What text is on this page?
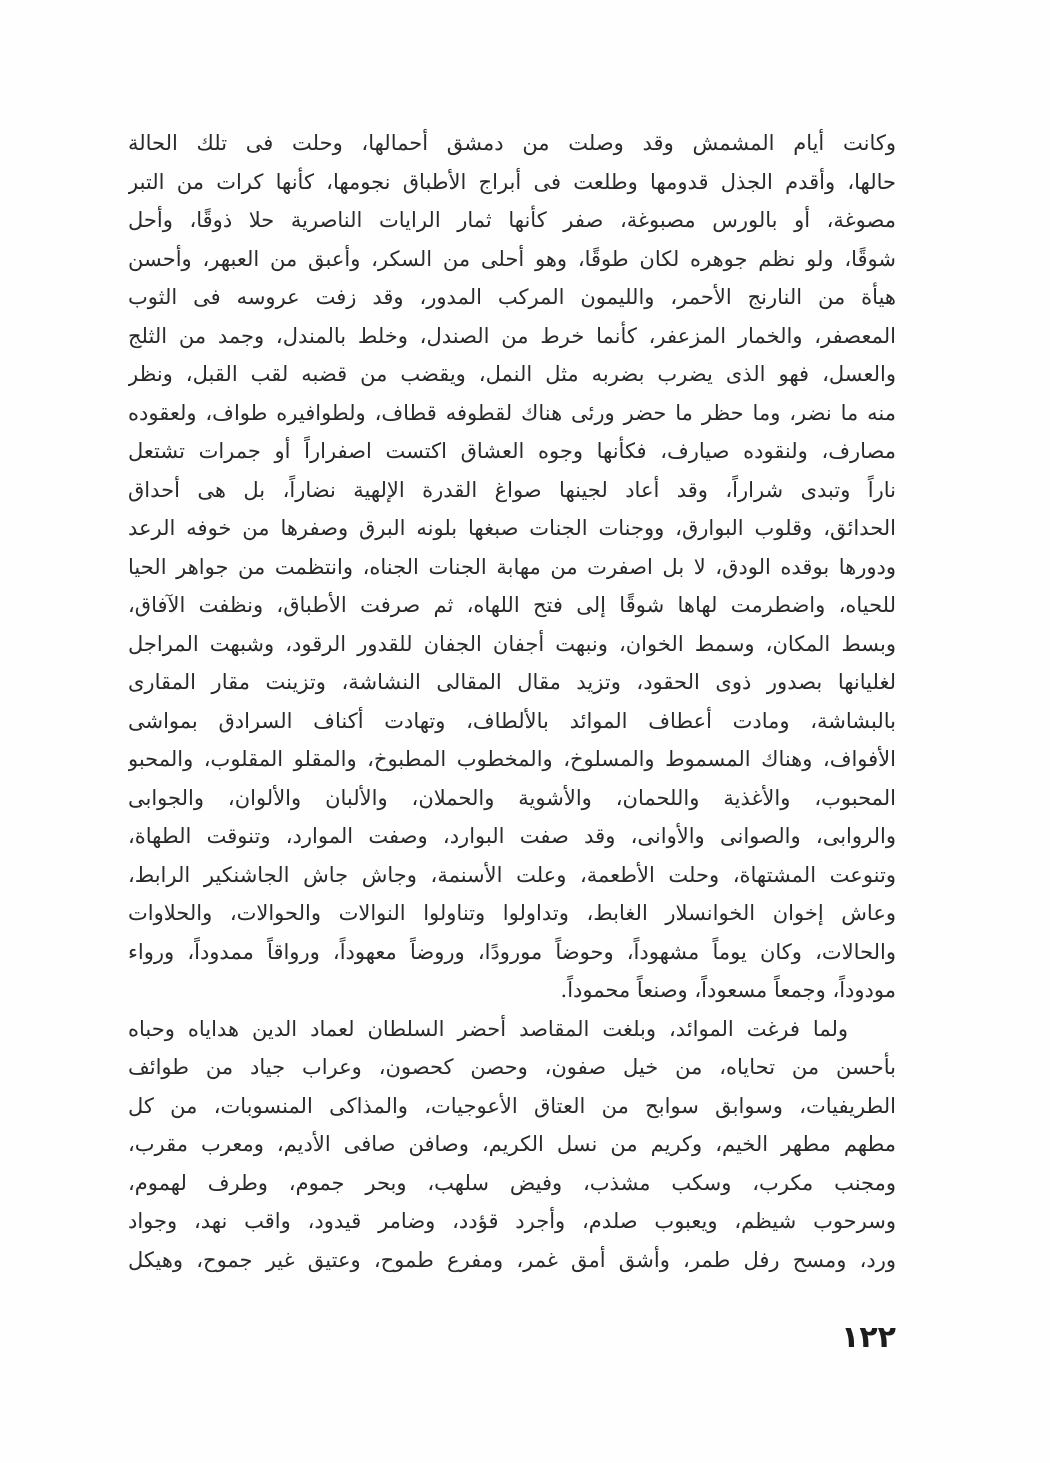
وكانت أيام المشمش وقد وصلت من دمشق أحمالها، وحلت فى تلك الحالة
حالها، وأقدم الجذل قدومها وطلعت فى أبراج الأطباق نجومها، كأنها كرات من التبر
مصوغة، أو بالورس مصبوغة، صفر كأنها ثمار الرايات الناصرية حلا ذوقًا، وأحل
شوقًا، ولو نظم جوهره لكان طوقًا، وهو أحلى من السكر، وأعبق من العبهر، وأحسن
هيأة من النارنج الأحمر، والليمون المركب المدور، وقد زفت عروسه فى الثوب
المعصفر، والخمار المزعفر، كأنما خرط من الصندل، وخلط بالمندل، وجمد من الثلج
والعسل، فهو الذى يضرب بضربه مثل النمل، ويقضب من قضبه لقب القبل، ونظر
منه ما نضر، وما حظر ما حضر ورئى هناك لقطوفه قطاف، ولطوافيره طواف، ولعقوده
مصارف، ولنقوده صيارف، فكأنها وجوه العشاق اكتست اصفراراً أو جمرات تشتعل
ناراً وتبدى شراراً، وقد أعاد لجينها صواغ القدرة الإلهية نضاراً، بل هى أحداق
الحدائق، وقلوب البوارق، ووجنات الجنات صبغها بلونه البرق وصفرها من خوفه الرعد
ودورها بوقده الودق، لا بل اصفرت من مهابة الجنات الجناه، وانتظمت من جواهر الحيا
للحياه، واضطرمت لهاها شوقًا إلى فتح اللهاه، ثم صرفت الأطباق، ونظفت الآفاق،
وبسط المكان، وسمط الخوان، ونبهت أجفان الجفان للقدور الرقود، وشبهت المراجل
لغليانها بصدور ذوى الحقود، وتزيد مقال المقالى النشاشة، وتزينت مقار المقارى
بالبشاشة، ومادت أعطاف الموائد بالألطاف، وتهادت أكناف السرادق بمواشى
الأفواف، وهناك المسموط والمسلوخ، والمخطوب المطبوخ، والمقلو المقلوب، والمحبو
المحبوب، والأغذية واللحمان، والأشوية والحملان، والألبان والألوان، والجوابى
والروابى، والصوانى والأوانى، وقد صفت البوارد، وصفت الموارد، وتنوقت الطهاة،
وتنوعت المشتهاة، وحلت الأطعمة، وعلت الأسنمة، وجاش جاش الجاشنكير الرابط،
وعاش إخوان الخوانسلار الغابط، وتداولوا وتناولوا النوالات والحوالات، والحلاوات
والحالات، وكان يوماً مشهوداً، وحوضاً مورودًا، وروضاً معهوداً، ورواقاً ممدوداً، ورواء
مودوداً، وجمعاً مسعوداً، وصنعاً محموداً.
ولما فرغت الموائد، وبلغت المقاصد أحضر السلطان لعماد الدين هداياه وحباه
بأحسن من تحاياه، من خيل صفون، وحصن كحصون، وعراب جياد من طوائف
الطريفيات، وسوابق سوابح من العتاق الأعوجيات، والمذاكى المنسوبات، من كل
مطهم مطهر الخيم، وكريم من نسل الكريم، وصافن صافى الأديم، ومعرب مقرب،
ومجنب مكرب، وسكب مشذب، وفيض سلهب، وبحر جموم، وطرف لهموم،
وسرحوب شيظم، ويعبوب صلدم، وأجرد قؤدد، وضامر قيدود، واقب نهد، وجواد
ورد، ومسح رفل طمر، وأشق أمق غمر، ومفرع طموح، وعتيق غير جموح، وهيكل
١٢٢
